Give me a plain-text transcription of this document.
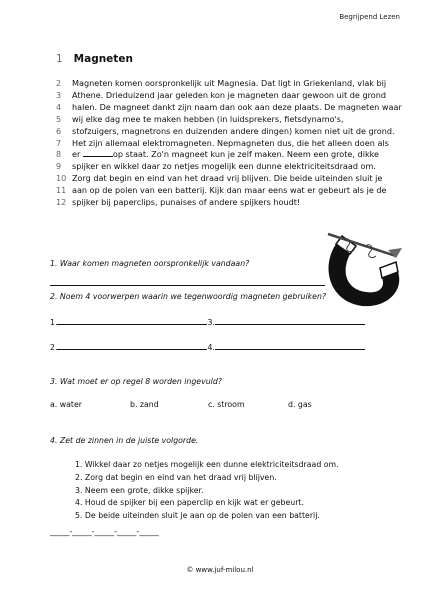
Begrijpend Lezen
1 Magneten
2 Magneten komen oorspronkelijk uit Magnesia. Dat ligt in Griekenland, vlak bij
3 Athene. Drieduizend jaar geleden kon je magneten daar gewoon uit de grond
4 halen. De magneet dankt zijn naam dan ook aan deze plaats. De magneten waar
5 wij elke dag mee te maken hebben (in luidsprekers, fietsdynamo's,
6 stofzuigers, magnetrons en duizenden andere dingen) komen niet uit de grond.
7 Het zijn allemaal elektromagneten. Nepmagneten dus, die het alleen doen als
8 er	op staat. Zo'n magneet kun je zelf maken. Neem een grote, dikke
9 spijker en wikkel daar zo netjes mogelijk een dunne elektriciteitsdraad om.
10 Zorg dat begin en eind van het draad vrij blijven. Die beide uiteinden sluit je
11 aan op de polen van een batterij. Kijk dan maar eens wat er gebeurt als je de
12 spijker bij paperclips, punaises of andere spijkers houdt!
1. Waar komen magneten oorspronkelijk vandaan?
2. Noem 4 voorwerpen waarin we tegenwoordig magneten gebruiken?
1.	3.
2.	4.
3. Wat moet er op regel 8 worden ingevuld?
a. water	b. zand	c. stroom	d. gas
4. Zet de zinnen in de juiste volgorde.
1. Wikkel daar zo netjes mogelijk een dunne elektriciteitsdraad om.
2. Zorg dat begin en eind van het draad vrij blijven.
3. Neem een grote, dikke spijker.
4. Houd de spijker bij een paperclip en kijk wat er gebeurt.
5. De beide uiteinden sluit je aan op de polen van een batterij.
_____-_____-_____-_____-_____
© www.juf-milou.nl
